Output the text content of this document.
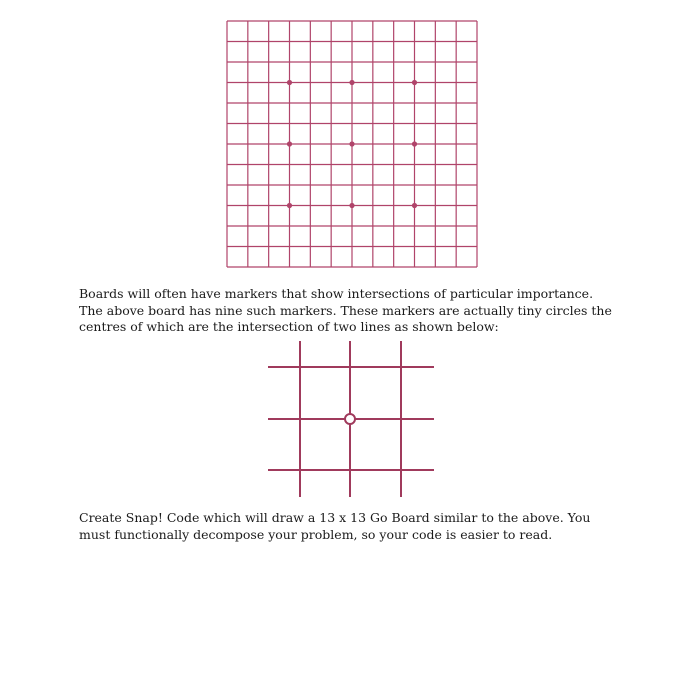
Boards will often have markers that show intersections of particular importance. The above board has nine such markers. These markers are actually tiny circles the centres of which are the intersection of two lines as shown below:

Create Snap! Code which will draw a 13 x 13 Go Board similar to the above. You must functionally decompose your problem, so your code is easier to read.
